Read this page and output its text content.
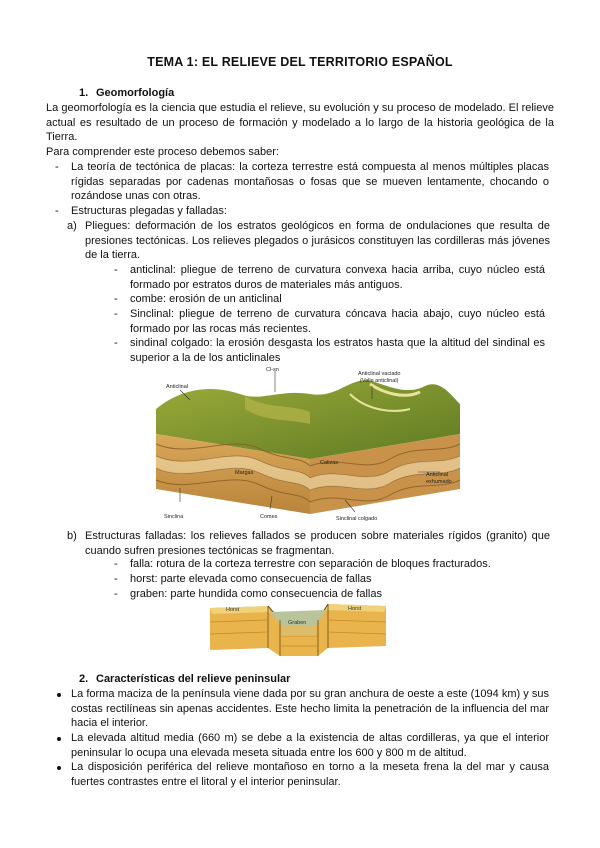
TEMA 1: EL RELIEVE DEL TERRITORIO ESPAÑOL
1. Geomorfología
La geomorfología es la ciencia que estudia el relieve, su evolución y su proceso de modelado. El relieve actual es resultado de un proceso de formación y modelado a lo largo de la historia geológica de la Tierra.
Para comprender este proceso debemos saber:
- La teoría de tectónica de placas: la corteza terrestre está compuesta al menos múltiples placas rígidas separadas por cadenas montañosas o fosas que se mueven lentamente, chocando o rozándose unas con otras.
- Estructuras plegadas y falladas:
a) Pliegues: deformación de los estratos geológicos en forma de ondulaciones que resulta de presiones tectónicas. Los relieves plegados o jurásicos constituyen las cordilleras más jóvenes de la tierra.
- anticlinal: pliegue de terreno de curvatura convexa hacia arriba, cuyo núcleo está formado por estratos duros de materiales más antiguos.
- combe: erosión de un anticlinal
- Sinclinal: pliegue de terreno de curvatura cóncava hacia abajo, cuyo núcleo está formado por las rocas más recientes.
- sindinal colgado: la erosión desgasta los estratos hasta que la altitud del sindinal es superior a la de los anticlinales
Anticlinal
Cl-sn
Anticlinal vaciado
(Valle anticlinal)
Margas
Calizas
Anticlinal
exhumado
Sinclina	Comes	Sinclinal colgado
b) Estructuras falladas: los relieves fallados se producen sobre materiales rígidos (granito) que cuando sufren presiones tectónicas se fragmentan.
- falla: rotura de la corteza terrestre con separación de bloques fracturados.
- horst: parte elevada como consecuencia de fallas
- graben: parte hundida como consecuencia de fallas
Horst
Graben
Horst
2. Características del relieve peninsular
La forma maciza de la península viene dada por su gran anchura de oeste a este (1094 km) y sus costas rectilíneas sin apenas accidentes. Este hecho limita la penetración de la influencia del mar hacia el interior.
La elevada altitud media (660 m) se debe a la existencia de altas cordilleras, ya que el interior peninsular lo ocupa una elevada meseta situada entre los 600 y 800 m de altitud.
La disposición periférica del relieve montañoso en torno a la meseta frena la del mar y causa fuertes contrastes entre el litoral y el interior peninsular.
